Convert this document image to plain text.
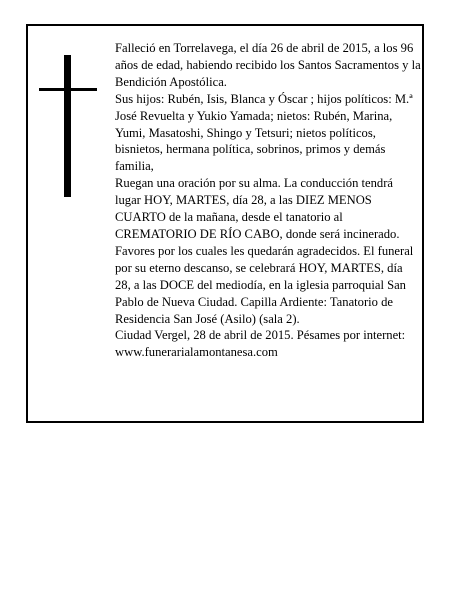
Falleció en Torrelavega, el día 26 de abril de 2015, a los 96 años de edad, habiendo recibido los Santos Sacramentos y la Bendición Apostólica.

Sus hijos: Rubén, Isis, Blanca y Óscar ; hijos políticos: M.ª José Revuelta y Yukio Yamada; nietos: Rubén, Marina, Yumi, Masatoshi, Shingo y Tetsuri; nietos políticos, bisnietos, hermana política, sobrinos, primos y demás familia,

Ruegan una oración por su alma. La conducción tendrá lugar HOY, MARTES, día 28, a las DIEZ MENOS CUARTO de la mañana, desde el tanatorio al CREMATORIO DE RÍO CABO, donde será incinerado. Favores por los cuales les quedarán agradecidos. El funeral por su eterno descanso, se celebrará HOY, MARTES, día 28, a las DOCE del mediodía, en la iglesia parroquial San Pablo de Nueva Ciudad. Capilla Ardiente: Tanatorio de Residencia San José (Asilo) (sala 2).

Ciudad Vergel, 28 de abril de 2015. Pésames por internet: www.funerarialamontanesa.com
